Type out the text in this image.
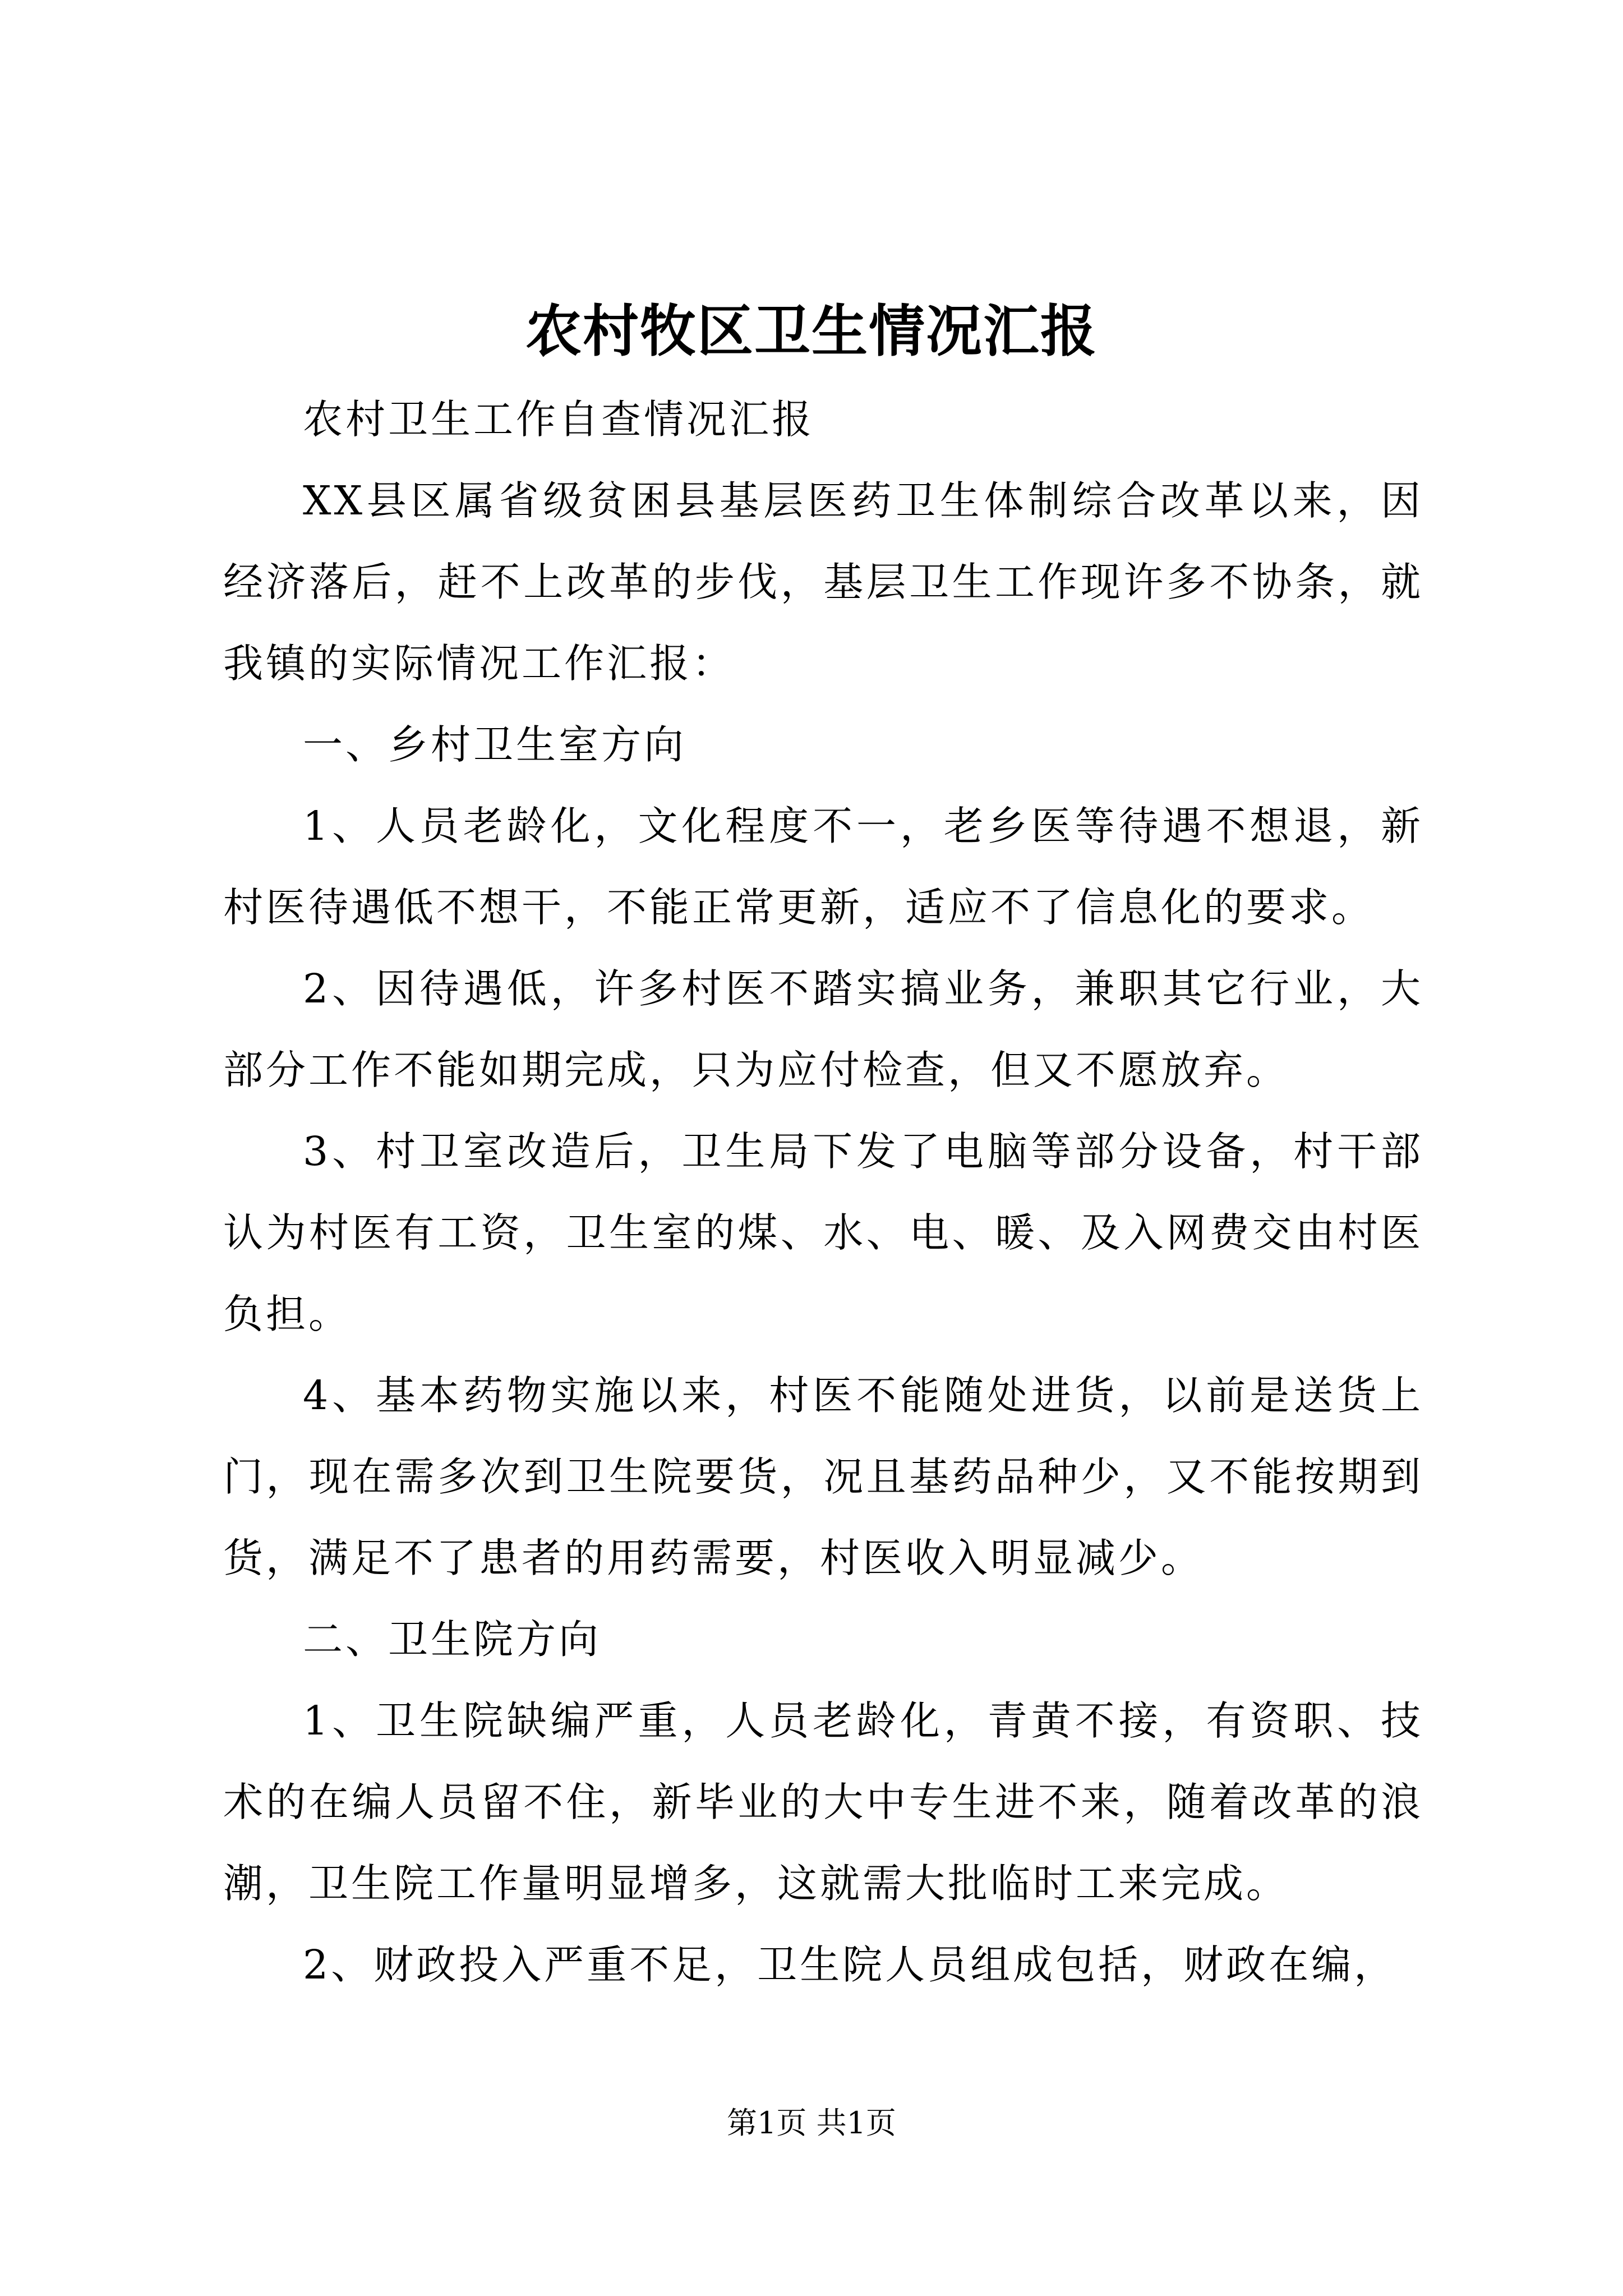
农村牧区卫生情况汇报

农村卫生工作自查情况汇报

XX县区属省级贫困县基层医药卫生体制综合改革以来，因经济落后，赶不上改革的步伐，基层卫生工作现许多不协条，就我镇的实际情况工作汇报：

一、乡村卫生室方向

1、人员老龄化，文化程度不一，老乡医等待遇不想退，新村医待遇低不想干，不能正常更新，适应不了信息化的要求。

2、因待遇低，许多村医不踏实搞业务，兼职其它行业，大部分工作不能如期完成，只为应付检查，但又不愿放弃。

3、村卫室改造后，卫生局下发了电脑等部分设备，村干部认为村医有工资，卫生室的煤、水、电、暖、及入网费交由村医负担。

4、基本药物实施以来，村医不能随处进货，以前是送货上门，现在需多次到卫生院要货，况且基药品种少，又不能按期到货，满足不了患者的用药需要，村医收入明显减少。

二、卫生院方向

1、卫生院缺编严重，人员老龄化，青黄不接，有资职、技术的在编人员留不住，新毕业的大中专生进不来，随着改革的浪潮，卫生院工作量明显增多，这就需大批临时工来完成。

2、财政投入严重不足，卫生院人员组成包括，财政在编，

第1页 共1页
